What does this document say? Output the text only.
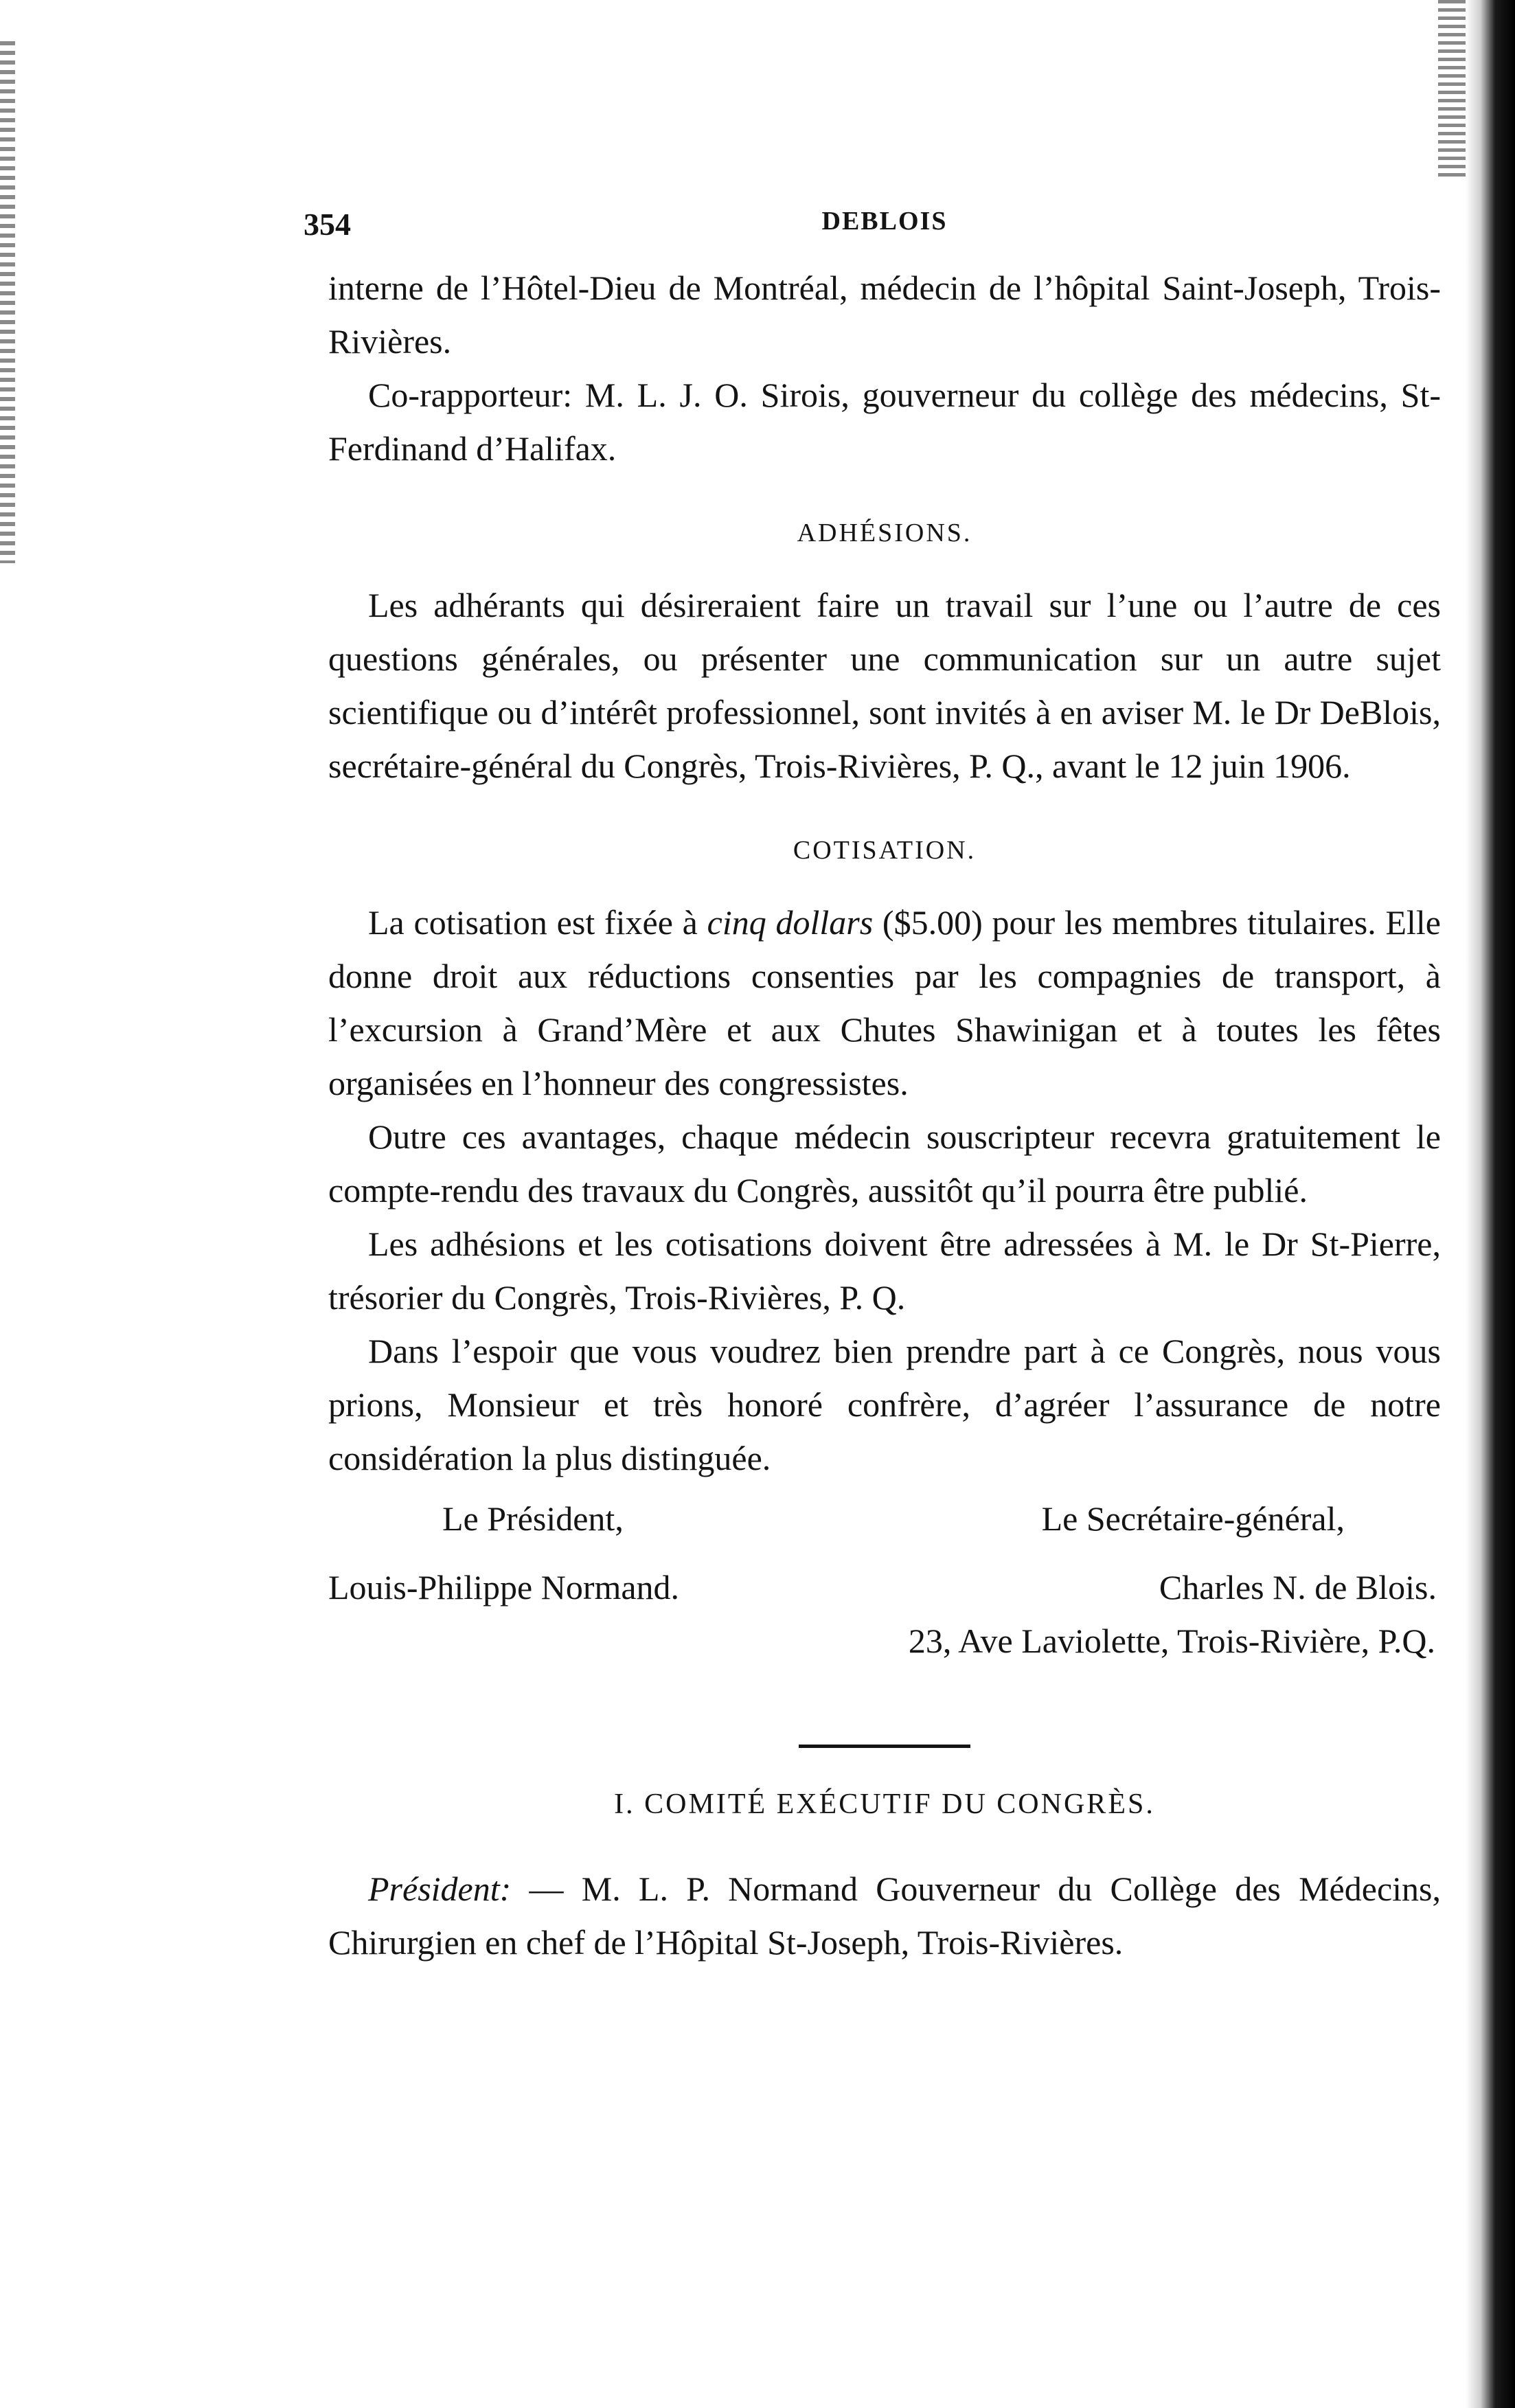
354	DEBLOIS

interne de l’Hôtel-Dieu de Montréal, médecin de l’hôpital Saint-Joseph, Trois-Rivières.

Co-rapporteur: M. L. J. O. Sirois, gouverneur du collège des médecins, St-Ferdinand d’Halifax.

ADHÉSIONS.

Les adhérants qui désireraient faire un travail sur l’une ou l’autre de ces questions générales, ou présenter une communication sur un autre sujet scientifique ou d’intérêt professionnel, sont invités à en aviser M. le Dr DeBlois, secrétaire-général du Congrès, Trois-Rivières, P. Q., avant le 12 juin 1906.

COTISATION.

La cotisation est fixée à cinq dollars ($5.00) pour les membres titulaires. Elle donne droit aux réductions consenties par les compagnies de transport, à l’excursion à Grand’Mère et aux Chutes Shawinigan et à toutes les fêtes organisées en l’honneur des congressistes.

Outre ces avantages, chaque médecin souscripteur recevra gratuitement le compte-rendu des travaux du Congrès, aussitôt qu’il pourra être publié.

Les adhésions et les cotisations doivent être adressées à M. le Dr St-Pierre, trésorier du Congrès, Trois-Rivières, P. Q.

Dans l’espoir que vous voudrez bien prendre part à ce Congrès, nous vous prions, Monsieur et très honoré confrère, d’agréer l’assurance de notre considération la plus distinguée.

Le Président,	Le Secrétaire-général,
Louis-Philippe Normand.	Charles N. de Blois.
23, Ave Laviolette, Trois-Rivière, P.Q.
I. COMITÉ EXÉCUTIF DU CONGRÈS.

Président: — M. L. P. Normand Gouverneur du Collège des Médecins, Chirurgien en chef de l’Hôpital St-Joseph, Trois-Rivières.
